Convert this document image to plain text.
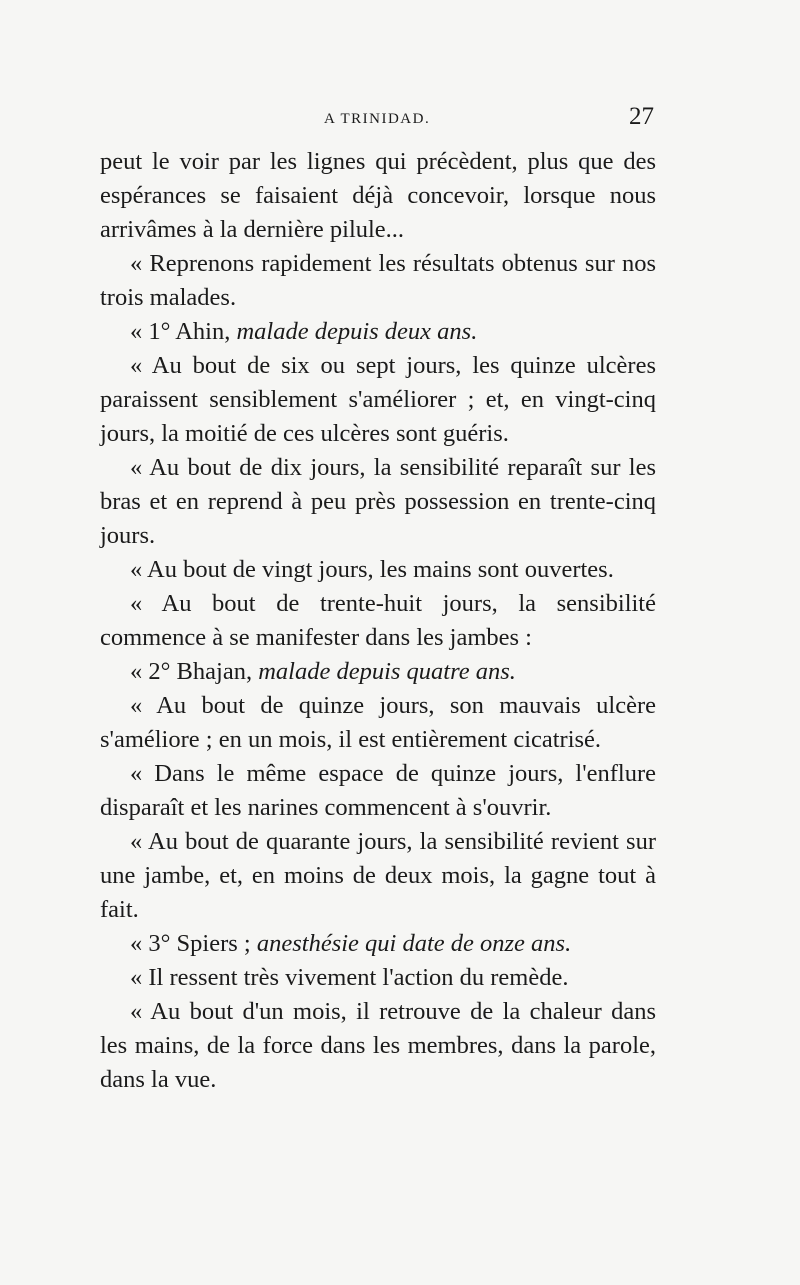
A TRINIDAD.	27

peut le voir par les lignes qui précèdent, plus que des espérances se faisaient déjà concevoir, lorsque nous arrivâmes à la dernière pilule...

« Reprenons rapidement les résultats obtenus sur nos trois malades.

« 1° Ahin, malade depuis deux ans.

« Au bout de six ou sept jours, les quinze ulcères paraissent sensiblement s'améliorer ; et, en vingt-cinq jours, la moitié de ces ulcères sont guéris.

« Au bout de dix jours, la sensibilité reparaît sur les bras et en reprend à peu près possession en trente-cinq jours.

« Au bout de vingt jours, les mains sont ouvertes.

« Au bout de trente-huit jours, la sensibilité commence à se manifester dans les jambes :

« 2° Bhajan, malade depuis quatre ans.

« Au bout de quinze jours, son mauvais ulcère s'améliore ; en un mois, il est entièrement cicatrisé.

« Dans le même espace de quinze jours, l'enflure disparaît et les narines commencent à s'ouvrir.

« Au bout de quarante jours, la sensibilité revient sur une jambe, et, en moins de deux mois, la gagne tout à fait.

« 3° Spiers ; anesthésie qui date de onze ans.

« Il ressent très vivement l'action du remède.

« Au bout d'un mois, il retrouve de la chaleur dans les mains, de la force dans les membres, dans la parole, dans la vue.
